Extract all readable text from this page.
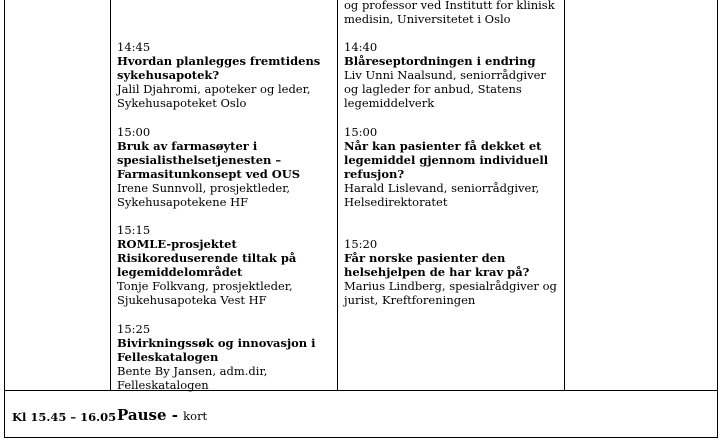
14:45
Hvordan planlegges fremtidens sykehusapotek?
Jalil Djahromi, apoteker og leder, Sykehusapoteket Oslo
15:00
Bruk av farmasøyter i spesialisthelsetjenesten – Farmasitunkonsept ved OUS
Irene Sunnvoll, prosjektleder, Sykehusapotekene HF
15:15
ROMLE-prosjektet Risikoreduserende tiltak på legemiddelområdet
Tonje Folkvang, prosjektleder, Sjukehusapoteka Vest HF
15:25
Bivirkningssøk og innovasjon i Felleskatalogen
Bente By Jansen, adm.dir, Felleskatalogen
og professor ved Institutt for klinisk medisin, Universitetet i Oslo
14:40
Blåreseptordningen i endring
Liv Unni Naalsund, seniorrådgiver og lagleder for anbud, Statens legemiddelverk
15:00
Når kan pasienter få dekket et legemiddel gjennom individuell refusjon?
Harald Lislevand, seniorrådgiver, Helsedirektoratet
15:20
Får norske pasienter den helsehjelpen de har krav på?
Marius Lindberg, spesialrådgiver og jurist, Kreftforeningen
Kl 15.45 – 16.05 Pause - kort
